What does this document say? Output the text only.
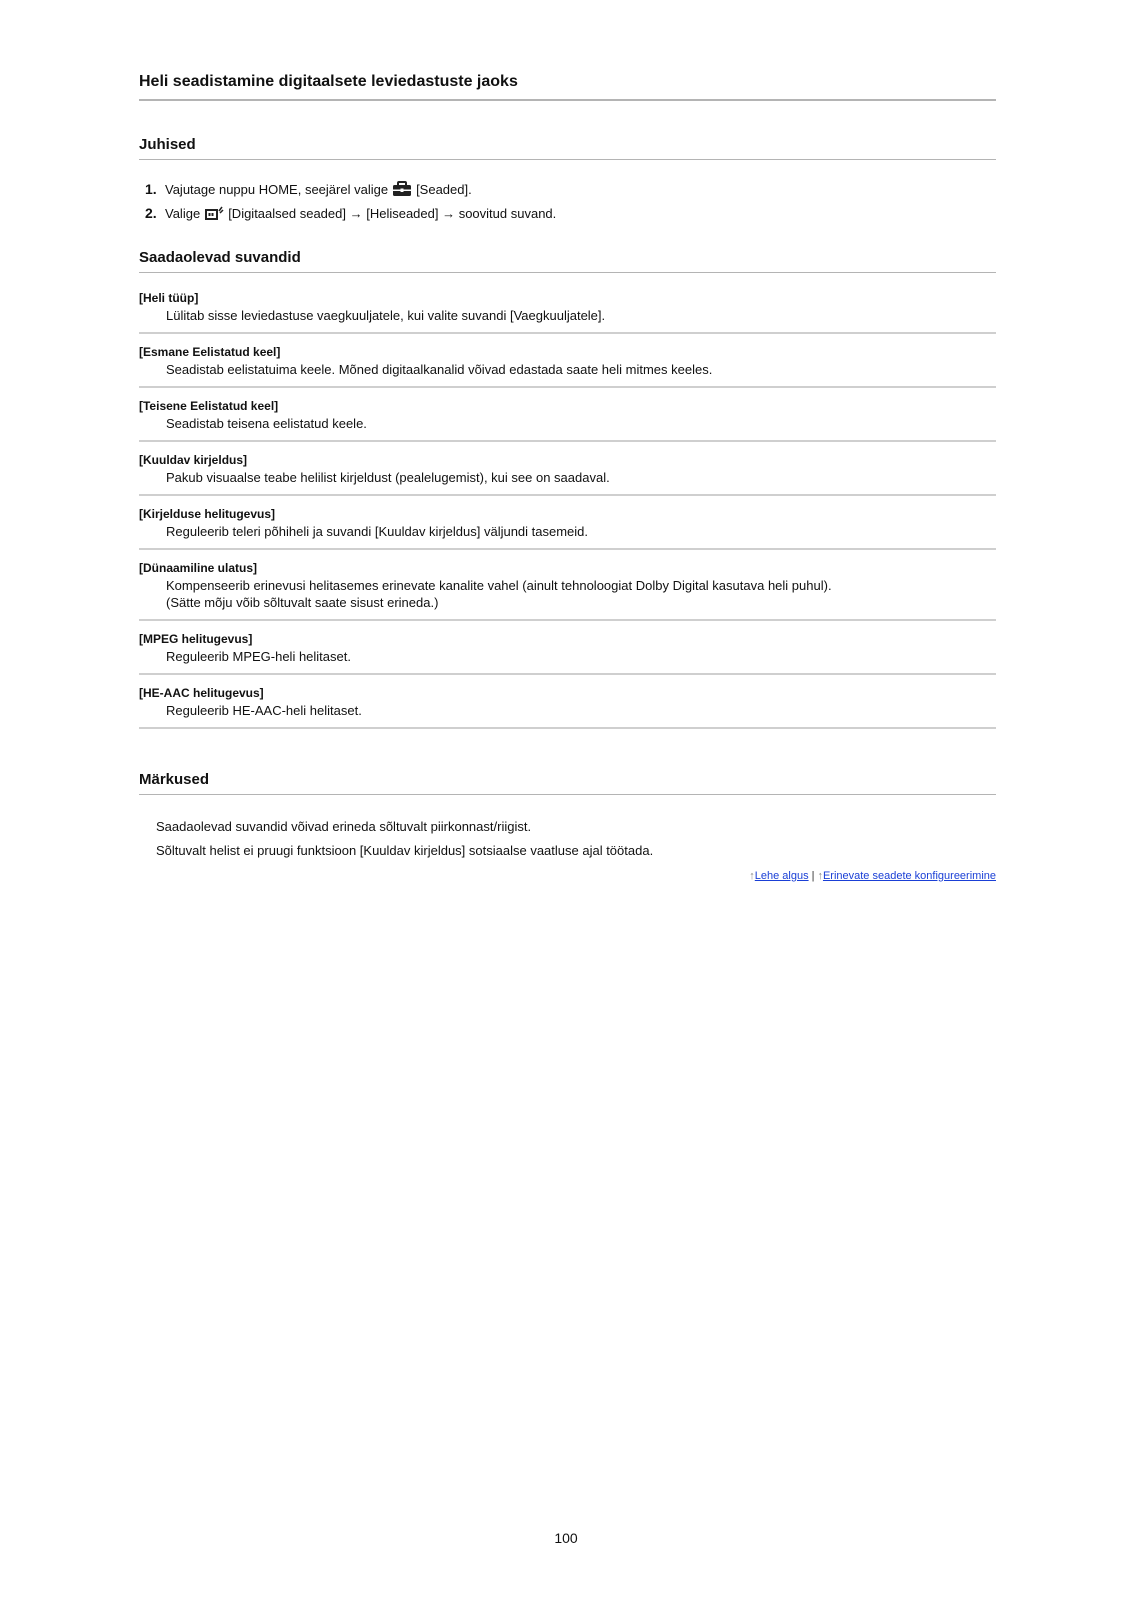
Heli seadistamine digitaalsete leviedastuste jaoks
Juhised
1. Vajutage nuppu HOME, seejärel valige [Seaded].
2. Valige [Digitaalsed seaded] → [Heliseaded] → soovitud suvand.
Saadaolevad suvandid
[Heli tüüp]
Lülitab sisse leviedastuse vaegkuuljatele, kui valite suvandi [Vaegkuuljatele].
[Esmane Eelistatud keel]
Seadistab eelistatuima keele. Mõned digitaalkanalid võivad edastada saate heli mitmes keeles.
[Teisene Eelistatud keel]
Seadistab teisena eelistatud keele.
[Kuuldav kirjeldus]
Pakub visuaalse teabe helilist kirjeldust (pealelugemist), kui see on saadaval.
[Kirjelduse helitugevus]
Reguleerib teleri põhiheli ja suvandi [Kuuldav kirjeldus] väljundi tasemeid.
[Dünaamiline ulatus]
Kompenseerib erinevusi helitasemes erinevate kanalite vahel (ainult tehnoloogiat Dolby Digital kasutava heli puhul).
(Sätte mõju võib sõltuvalt saate sisust erineda.)
[MPEG helitugevus]
Reguleerib MPEG-heli helitaset.
[HE-AAC helitugevus]
Reguleerib HE-AAC-heli helitaset.
Märkused
Saadaolevad suvandid võivad erineda sõltuvalt piirkonnast/riigist.
Sõltuvalt helist ei pruugi funktsioon [Kuuldav kirjeldus] sotsiaalse vaatluse ajal töötada.
↑Lehe algus | ↑Erinevate seadete konfigureerimine
100
